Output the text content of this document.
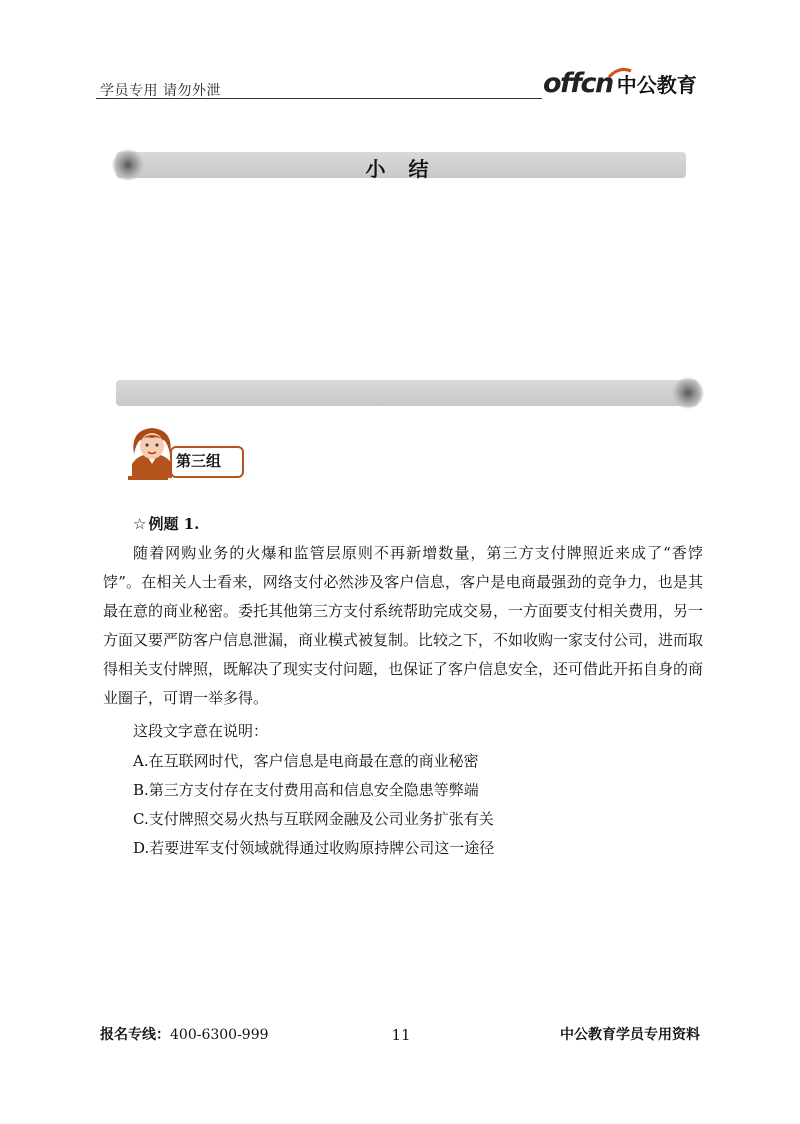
学员专用 请勿外泄	offcn 中公教育
小 结
第三组
☆ 例题 1.
随着网购业务的火爆和监管层原则不再新增数量，第三方支付牌照近来成了“香饽饽”。在相关人士看来，网络支付必然涉及客户信息，客户是电商最强劲的竞争力，也是其最在意的商业秘密。委托其他第三方支付系统帮助完成交易，一方面要支付相关费用，另一方面又要严防客户信息泄漏，商业模式被复制。比较之下，不如收购一家支付公司，进而取得相关支付牌照，既解决了现实支付问题，也保证了客户信息安全，还可借此开拓自身的商业圈子，可谓一举多得。
这段文字意在说明：
A.在互联网时代，客户信息是电商最在意的商业秘密
B.第三方支付存在支付费用高和信息安全隐患等弊端
C.支付牌照交易火热与互联网金融及公司业务扩张有关
D.若要进军支付领域就得通过收购原持牌公司这一途径
报名专线：400-6300-999	11	中公教育学员专用资料
